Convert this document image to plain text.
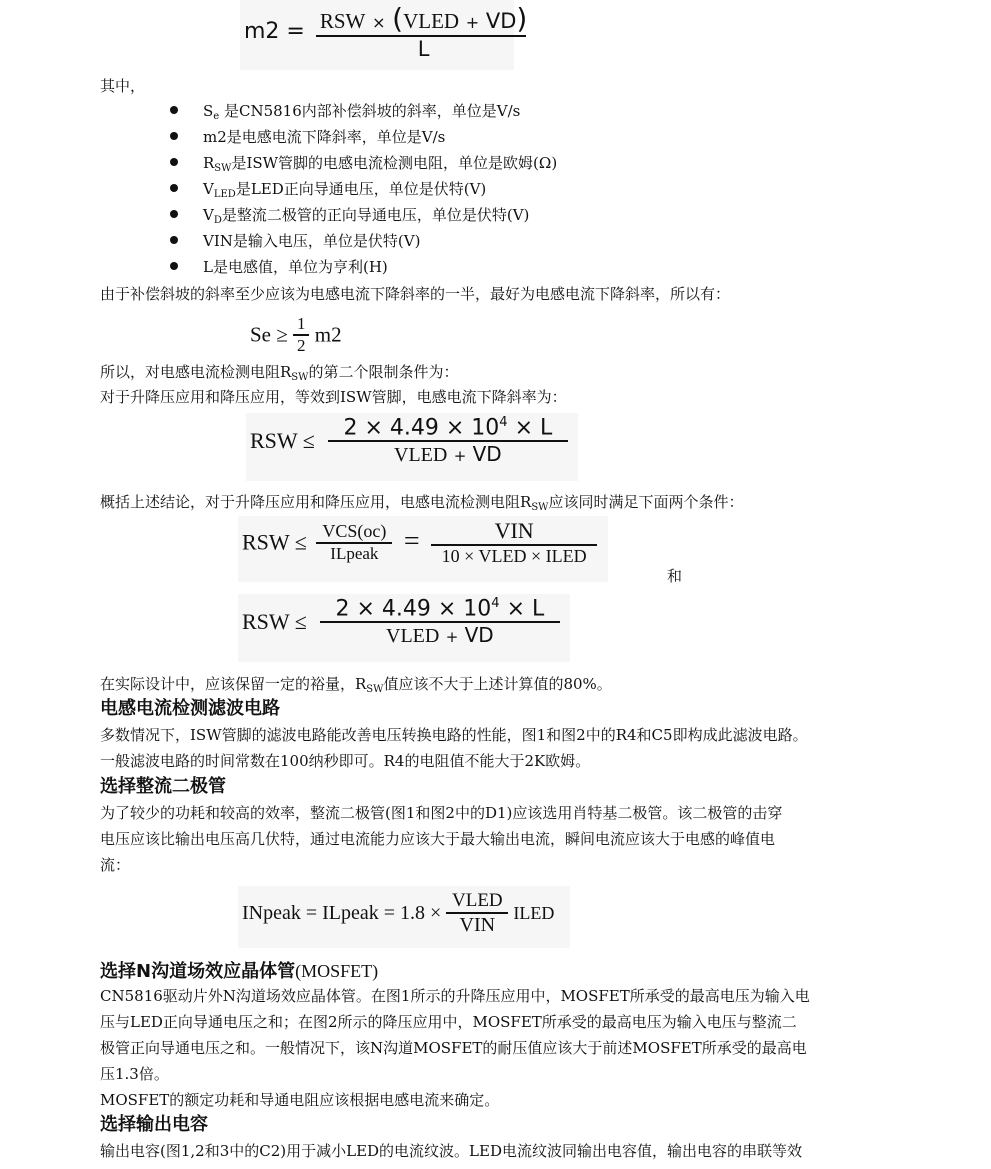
$m2 = \frac{\text{RSW × (VLED + VD)}}{L}$
其中，
$S_e$ 是CN5816内部补偿斜坡的斜率，单位是V/s
m2是电感电流下降斜率，单位是V/s
$R_{SW}$是ISW管脚的电感电流检测电阻，单位是欧姆(Ω)
$V_{LED}$是LED正向导通电压，单位是伏特(V)
$V_D$是整流二极管的正向导通电压，单位是伏特(V)
VIN是输入电压，单位是伏特(V)
L是电感值，单位为亨利(H)
由于补偿斜坡的斜率至少应该为电感电流下降斜率的一半，最好为电感电流下降斜率，所以有：
$Se \ge \frac{1}{2} m2$
所以，对电感电流检测电阻$R_{SW}$的第二个限制条件为：
对于升降压应用和降压应用，等效到ISW管脚，电感电流下降斜率为：
RSW ≤ $\frac{2 \times 4.49 \times 10^4 \times L}{\text{VLED + VD}}$
概括上述结论，对于升降压应用和降压应用，电感电流检测电阻$R_{SW}$应该同时满足下面两个条件：
RSW ≤ $\frac{\text{VCS(oc)}}{\text{ILpeak}} = \frac{\text{VIN}}{\text{10 × VLED × ILED}}$
和
RSW ≤ $\frac{2 \times 4.49 \times 10^4 \times L}{\text{VLED + VD}}$
在实际设计中，应该保留一定的裕量，$R_{SW}$值应该不大于上述计算值的80%。
电感电流检测滤波电路
多数情况下，ISW管脚的滤波电路能改善电压转换电路的性能，图1和图2中的R4和C5即构成此滤波电路。
一般滤波电路的时间常数在100纳秒即可。R4的电阻值不能大于2K欧姆。
选择整流二极管
为了较少的功耗和较高的效率，整流二极管(图1和图2中的D1)应该选用肖特基二极管。该二极管的击穿
电压应该比输出电压高几伏特，通过电流能力应该大于最大输出电流，瞬间电流应该大于电感的峰值电
流：
INpeak = ILpeak = $1.8 \times \frac{\text{VLED}}{\text{VIN}}$ ILED
选择N沟道场效应晶体管(MOSFET)
CN5816驱动片外N沟道场效应晶体管。在图1所示的升降压应用中，MOSFET所承受的最高电压为输入电
压与LED正向导通电压之和；在图2所示的降压应用中，MOSFET所承受的最高电压为输入电压与整流二
极管正向导通电压之和。一般情况下，该N沟道MOSFET的耐压值应该大于前述MOSFET所承受的最高电
压1.3倍。
MOSFET的额定功耗和导通电阻应该根据电感电流来确定。
选择输出电容
输出电容(图1,2和3中的C2)用于减小LED的电流纹波。LED电流纹波同输出电容值，输出电容的串联等效
